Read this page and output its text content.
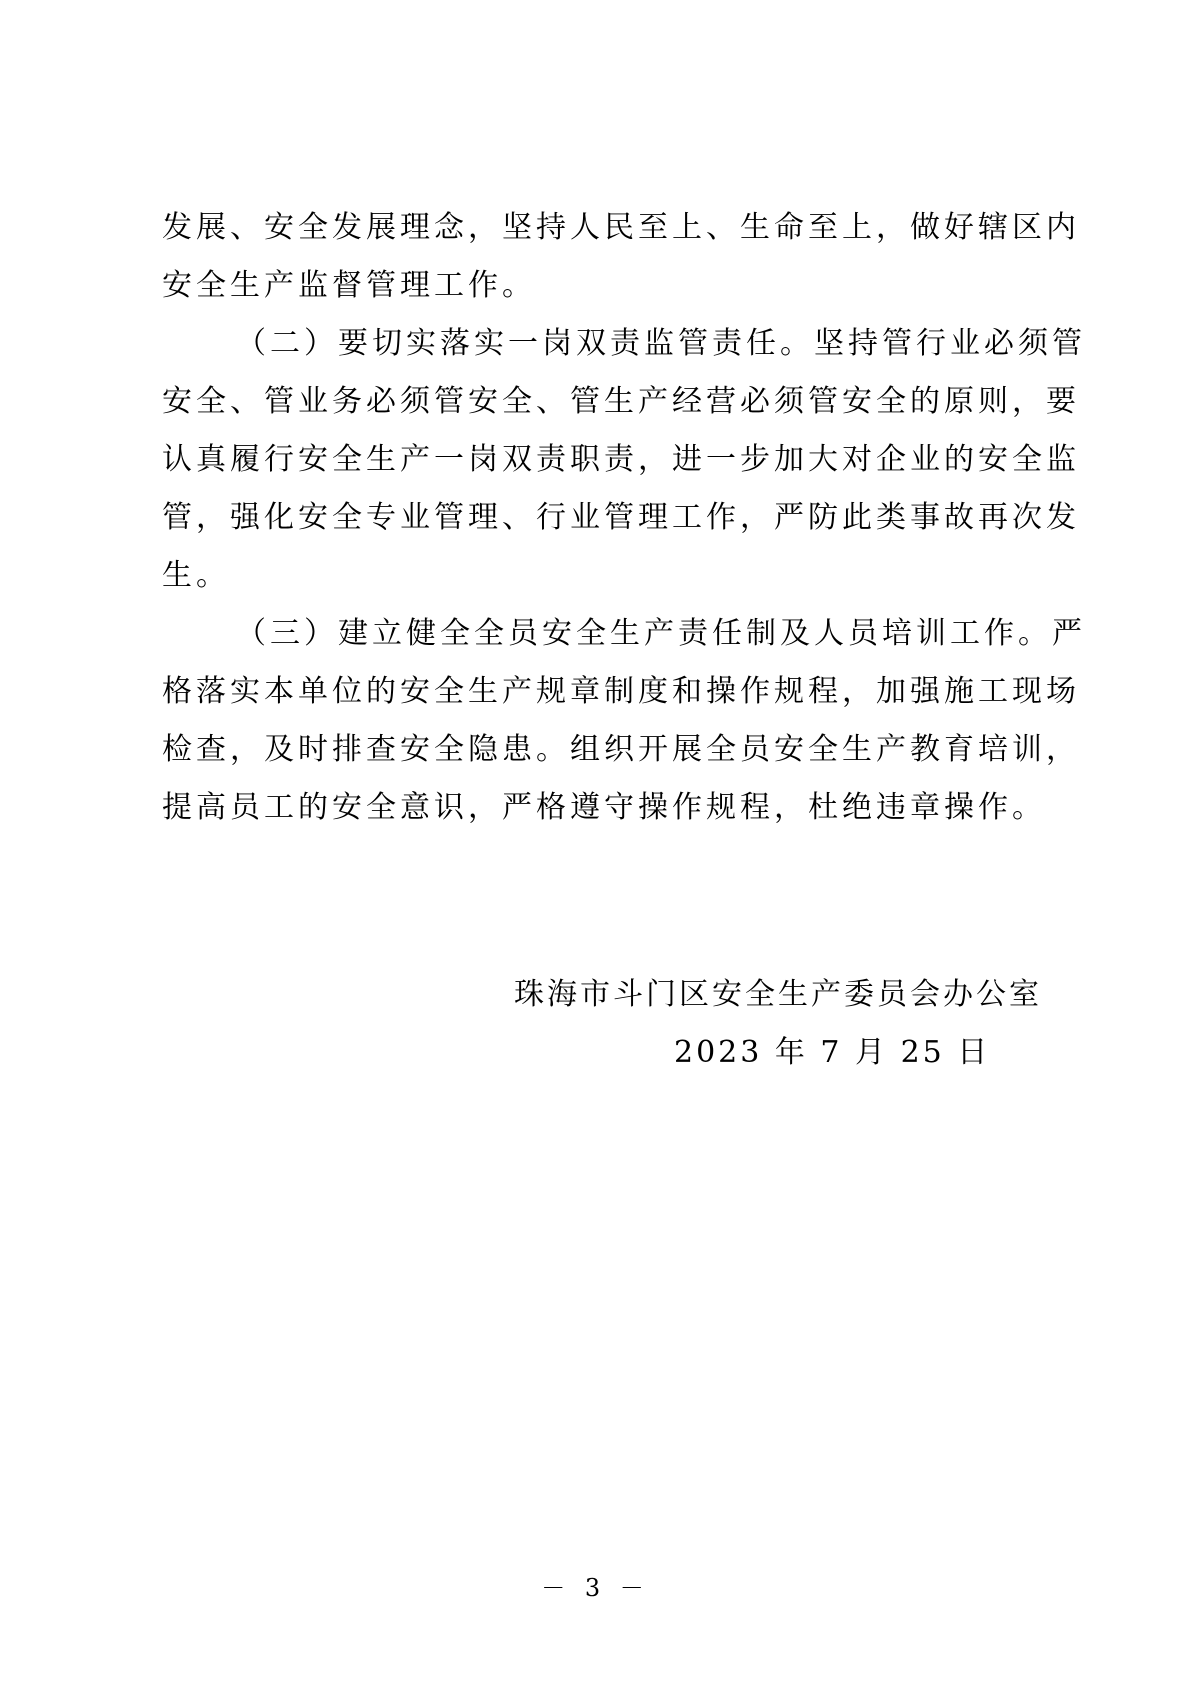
发展、安全发展理念，坚持人民至上、生命至上，做好辖区内
安全生产监督管理工作。
（二）要切实落实一岗双责监管责任。坚持管行业必须管
安全、管业务必须管安全、管生产经营必须管安全的原则，要
认真履行安全生产一岗双责职责，进一步加大对企业的安全监
管，强化安全专业管理、行业管理工作，严防此类事故再次发
生。
（三）建立健全全员安全生产责任制及人员培训工作。严
格落实本单位的安全生产规章制度和操作规程，加强施工现场
检查，及时排查安全隐患。组织开展全员安全生产教育培训，
提高员工的安全意识，严格遵守操作规程，杜绝违章操作。
珠海市斗门区安全生产委员会办公室
2023 年 7 月 25 日
－ 3 －
